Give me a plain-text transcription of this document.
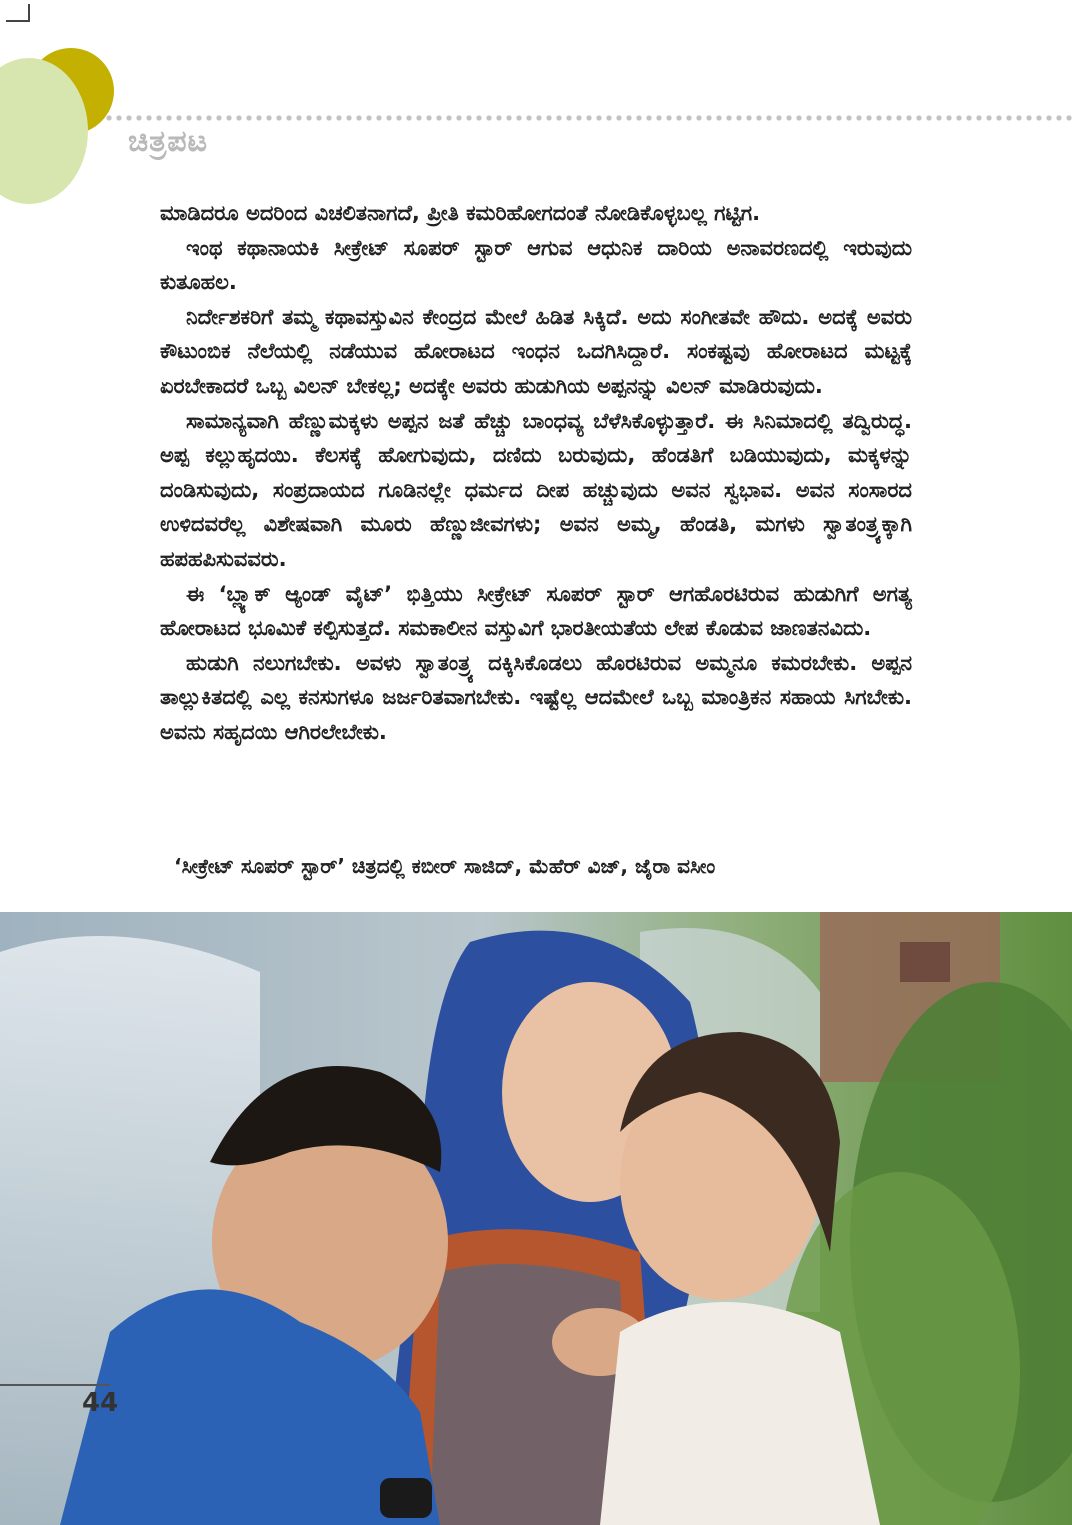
ಚಿತ್ರಪಟ

ಮಾಡಿದರೂ ಅದರಿಂದ ವಿಚಲಿತನಾಗದೆ, ಪ್ರೀತಿ ಕಮರಿಹೋಗದಂತೆ ನೋಡಿಕೊಳ್ಳಬಲ್ಲ ಗಟ್ಟಿಗ.

ಇಂಥ ಕಥಾನಾಯಕಿ ಸೀಕ್ರೇಟ್ ಸೂಪರ್ ಸ್ಟಾರ್ ಆಗುವ ಆಧುನಿಕ ದಾರಿಯ ಅನಾವರಣದಲ್ಲಿ ಇರುವುದು ಕುತೂಹಲ.

ನಿರ್ದೇಶಕರಿಗೆ ತಮ್ಮ ಕಥಾವಸ್ತುವಿನ ಕೇಂದ್ರದ ಮೇಲೆ ಹಿಡಿತ ಸಿಕ್ಕಿದೆ. ಅದು ಸಂಗೀತವೇ ಹೌದು. ಅದಕ್ಕೆ ಅವರು ಕೌಟುಂಬಿಕ ನೆಲೆಯಲ್ಲಿ ನಡೆಯುವ ಹೋರಾಟದ ಇಂಧನ ಒದಗಿಸಿದ್ದಾರೆ. ಸಂಕಷ್ಟವು ಹೋರಾಟದ ಮಟ್ಟಕ್ಕೆ ಏರಬೇಕಾದರೆ ಒಬ್ಬ ವಿಲನ್ ಬೇಕಲ್ಲ; ಅದಕ್ಕೇ ಅವರು ಹುಡುಗಿಯ ಅಪ್ಪನನ್ನು ವಿಲನ್ ಮಾಡಿರುವುದು.

ಸಾಮಾನ್ಯವಾಗಿ ಹೆಣ್ಣುಮಕ್ಕಳು ಅಪ್ಪನ ಜತೆ ಹೆಚ್ಚು ಬಾಂಧವ್ಯ ಬೆಳೆಸಿಕೊಳ್ಳುತ್ತಾರೆ. ಈ ಸಿನಿಮಾದಲ್ಲಿ ತದ್ವಿರುದ್ಧ. ಅಪ್ಪ ಕಲ್ಲುಹೃದಯಿ. ಕೆಲಸಕ್ಕೆ ಹೋಗುವುದು, ದಣಿದು ಬರುವುದು, ಹೆಂಡತಿಗೆ ಬಡಿಯುವುದು, ಮಕ್ಕಳನ್ನು ದಂಡಿಸುವುದು, ಸಂಪ್ರದಾಯದ ಗೂಡಿನಲ್ಲೇ ಧರ್ಮದ ದೀಪ ಹಚ್ಚುವುದು ಅವನ ಸ್ವಭಾವ. ಅವನ ಸಂಸಾರದ ಉಳಿದವರೆಲ್ಲ ವಿಶೇಷವಾಗಿ ಮೂರು ಹೆಣ್ಣುಜೀವಗಳು; ಅವನ ಅಮ್ಮ, ಹೆಂಡತಿ, ಮಗಳು ಸ್ವಾತಂತ್ರ್ಯಕ್ಕಾಗಿ ಹಪಹಪಿಸುವವರು.

ಈ ‘ಬ್ಲ್ಯಾಕ್ ಆ್ಯಂಡ್ ವೈಟ್’ ಭಿತ್ತಿಯು ಸೀಕ್ರೇಟ್ ಸೂಪರ್ ಸ್ಟಾರ್ ಆಗಹೊರಟಿರುವ ಹುಡುಗಿಗೆ ಅಗತ್ಯ ಹೋರಾಟದ ಭೂಮಿಕೆ ಕಲ್ಪಿಸುತ್ತದೆ. ಸಮಕಾಲೀನ ವಸ್ತುವಿಗೆ ಭಾರತೀಯತೆಯ ಲೇಪ ಕೊಡುವ ಜಾಣತನವಿದು.

ಹುಡುಗಿ ನಲುಗಬೇಕು. ಅವಳು ಸ್ವಾತಂತ್ರ್ಯ ದಕ್ಕಿಸಿಕೊಡಲು ಹೊರಟಿರುವ ಅಮ್ಮನೂ ಕಮರಬೇಕು. ಅಪ್ಪನ ತಾಲ್ಲುಕಿತದಲ್ಲಿ ಎಲ್ಲ ಕನಸುಗಳೂ ಜರ್ಜರಿತವಾಗಬೇಕು. ಇಷ್ಟೆಲ್ಲ ಆದಮೇಲೆ ಒಬ್ಬ ಮಾಂತ್ರಿಕನ ಸಹಾಯ ಸಿಗಬೇಕು. ಅವನು ಸಹೃದಯಿ ಆಗಿರಲೇಬೇಕು.

‘ಸೀಕ್ರೇಟ್ ಸೂಪರ್ ಸ್ಟಾರ್’ ಚಿತ್ರದಲ್ಲಿ ಕಬೀರ್ ಸಾಜಿದ್, ಮೆಹೆರ್ ವಿಜ್, ಜೈರಾ ವಸೀಂ
44
